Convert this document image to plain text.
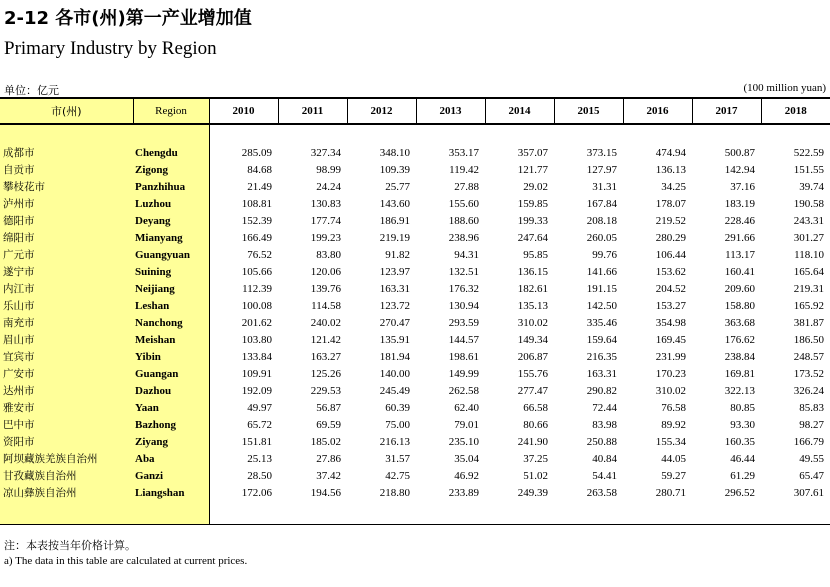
2-12 各市(州)第一产业增加值
Primary Industry by Region
单位：亿元	(100 million yuan)
市(州)	Region	2010	2011	2012	2013	2014	2015	2016	2017	2018

成都市	Chengdu	285.09	327.34	348.10	353.17	357.07	373.15	474.94	500.87	522.59
自贡市	Zigong	84.68	98.99	109.39	119.42	121.77	127.97	136.13	142.94	151.55
攀枝花市	Panzhihua	21.49	24.24	25.77	27.88	29.02	31.31	34.25	37.16	39.74
泸州市	Luzhou	108.81	130.83	143.60	155.60	159.85	167.84	178.07	183.19	190.58
德阳市	Deyang	152.39	177.74	186.91	188.60	199.33	208.18	219.52	228.46	243.31
绵阳市	Mianyang	166.49	199.23	219.19	238.96	247.64	260.05	280.29	291.66	301.27
广元市	Guangyuan	76.52	83.80	91.82	94.31	95.85	99.76	106.44	113.17	118.10
遂宁市	Suining	105.66	120.06	123.97	132.51	136.15	141.66	153.62	160.41	165.64
内江市	Neijiang	112.39	139.76	163.31	176.32	182.61	191.15	204.52	209.60	219.31
乐山市	Leshan	100.08	114.58	123.72	130.94	135.13	142.50	153.27	158.80	165.92
南充市	Nanchong	201.62	240.02	270.47	293.59	310.02	335.46	354.98	363.68	381.87
眉山市	Meishan	103.80	121.42	135.91	144.57	149.34	159.64	169.45	176.62	186.50
宜宾市	Yibin	133.84	163.27	181.94	198.61	206.87	216.35	231.99	238.84	248.57
广安市	Guangan	109.91	125.26	140.00	149.99	155.76	163.31	170.23	169.81	173.52
达州市	Dazhou	192.09	229.53	245.49	262.58	277.47	290.82	310.02	322.13	326.24
雅安市	Yaan	49.97	56.87	60.39	62.40	66.58	72.44	76.58	80.85	85.83
巴中市	Bazhong	65.72	69.59	75.00	79.01	80.66	83.98	89.92	93.30	98.27
资阳市	Ziyang	151.81	185.02	216.13	235.10	241.90	250.88	155.34	160.35	166.79
阿坝藏族羌族自治州	Aba	25.13	27.86	31.57	35.04	37.25	40.84	44.05	46.44	49.55
甘孜藏族自治州	Ganzi	28.50	37.42	42.75	46.92	51.02	54.41	59.27	61.29	65.47
凉山彝族自治州	Liangshan	172.06	194.56	218.80	233.89	249.39	263.58	280.71	296.52	307.61

注：本表按当年价格计算。
a) The data in this table are calculated at current prices.
